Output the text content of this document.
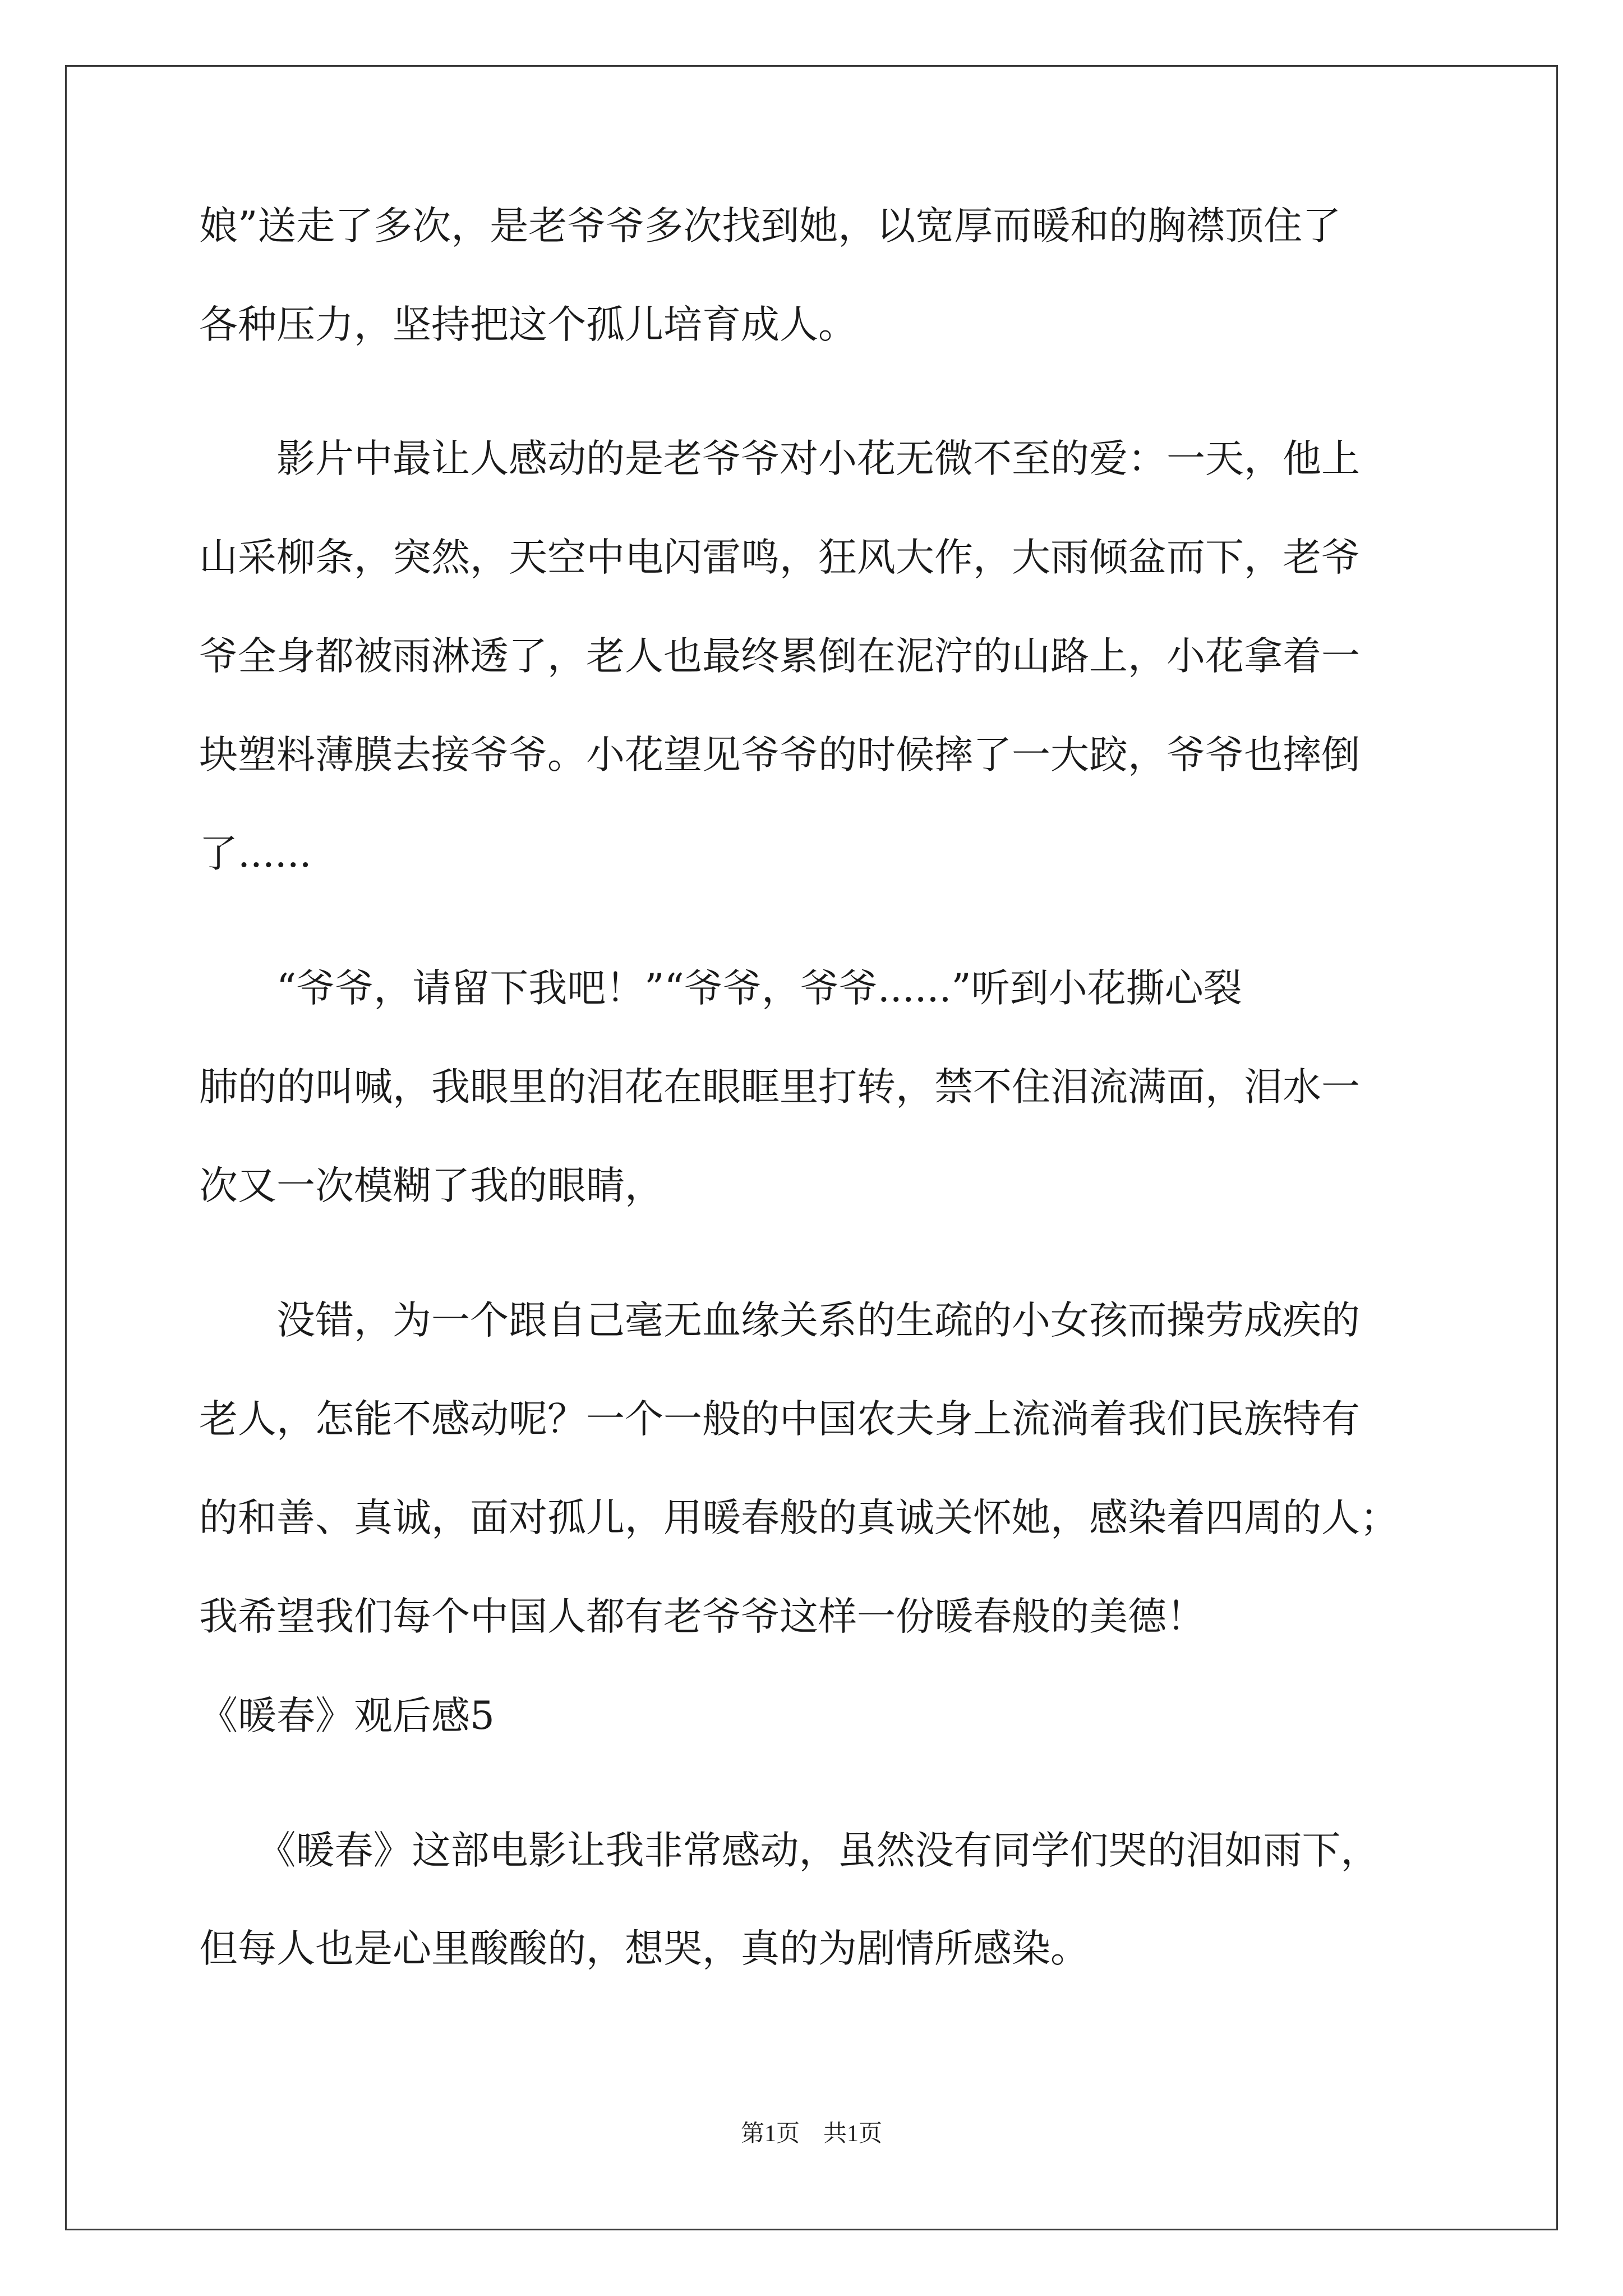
娘”送走了多次，是老爷爷多次找到她，以宽厚而暖和的胸襟顶住了
各种压力，坚持把这个孤儿培育成人。
　　影片中最让人感动的是老爷爷对小花无微不至的爱：一天，他上
山采柳条，突然，天空中电闪雷鸣，狂风大作，大雨倾盆而下，老爷
爷全身都被雨淋透了，老人也最终累倒在泥泞的山路上，小花拿着一
块塑料薄膜去接爷爷。小花望见爷爷的时候摔了一大跤，爷爷也摔倒
了......
　　“爷爷，请留下我吧！”“爷爷，爷爷......”听到小花撕心裂
肺的的叫喊，我眼里的泪花在眼眶里打转，禁不住泪流满面，泪水一
次又一次模糊了我的眼睛，
　　没错，为一个跟自己毫无血缘关系的生疏的小女孩而操劳成疾的
老人，怎能不感动呢？一个一般的中国农夫身上流淌着我们民族特有
的和善、真诚，面对孤儿，用暖春般的真诚关怀她，感染着四周的人；
我希望我们每个中国人都有老爷爷这样一份暖春般的美德！
《暖春》观后感5
　　《暖春》这部电影让我非常感动，虽然没有同学们哭的泪如雨下，
但每人也是心里酸酸的，想哭，真的为剧情所感染。
第1页　共1页
